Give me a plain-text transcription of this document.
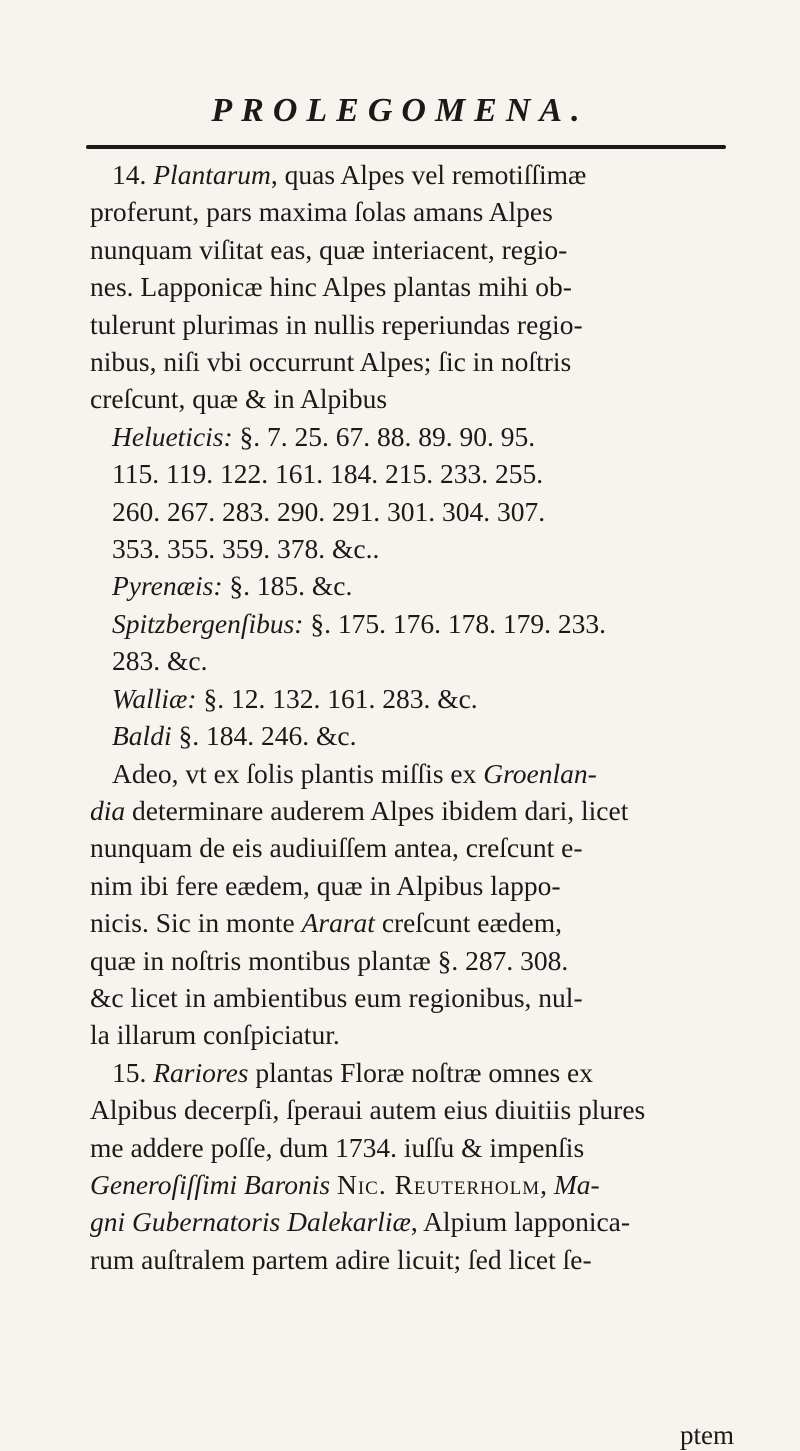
PROLEGOMENA.
14. Plantarum, quas Alpes vel remotiſſimæ
proferunt, pars maxima ſolas amans Alpes
nunquam viſitat eas, quæ interiacent, regio-
nes. Lapponicæ hinc Alpes plantas mihi ob-
tulerunt plurimas in nullis reperiundas regio-
nibus, niſi vbi occurrunt Alpes; ſic in noſtris
creſcunt, quæ & in Alpibus
Helueticis: §. 7. 25. 67. 88. 89. 90. 95.
115. 119. 122. 161. 184. 215. 233. 255.
260. 267. 283. 290. 291. 301. 304. 307.
353. 355. 359. 378. &c..
Pyrenæis: §. 185. &c.
Spitzbergenſibus: §. 175. 176. 178. 179. 233.
283. &c.
Walliæ: §. 12. 132. 161. 283. &c.
Baldi §. 184. 246. &c.
Adeo, vt ex ſolis plantis miſſis ex Groenlan-
dia determinare auderem Alpes ibidem dari, licet
nunquam de eis audiuiſſem antea, creſcunt e-
nim ibi fere eædem, quæ in Alpibus lappo-
nicis. Sic in monte Ararat creſcunt eædem,
quæ in noſtris montibus plantæ §. 287. 308.
&c licet in ambientibus eum regionibus, nul-
la illarum conſpiciatur.
15. Rariores plantas Floræ noſtræ omnes ex
Alpibus decerpſi, ſperaui autem eius diuitiis plures
me addere poſſe, dum 1734. iuſſu & impenſis
Generoſiſſimi Baronis Nic. Reuterholm, Ma-
gni Gubernatoris Dalekarliæ, Alpium lapponica-
rum auſtralem partem adire licuit; ſed licet ſe-
ptem
